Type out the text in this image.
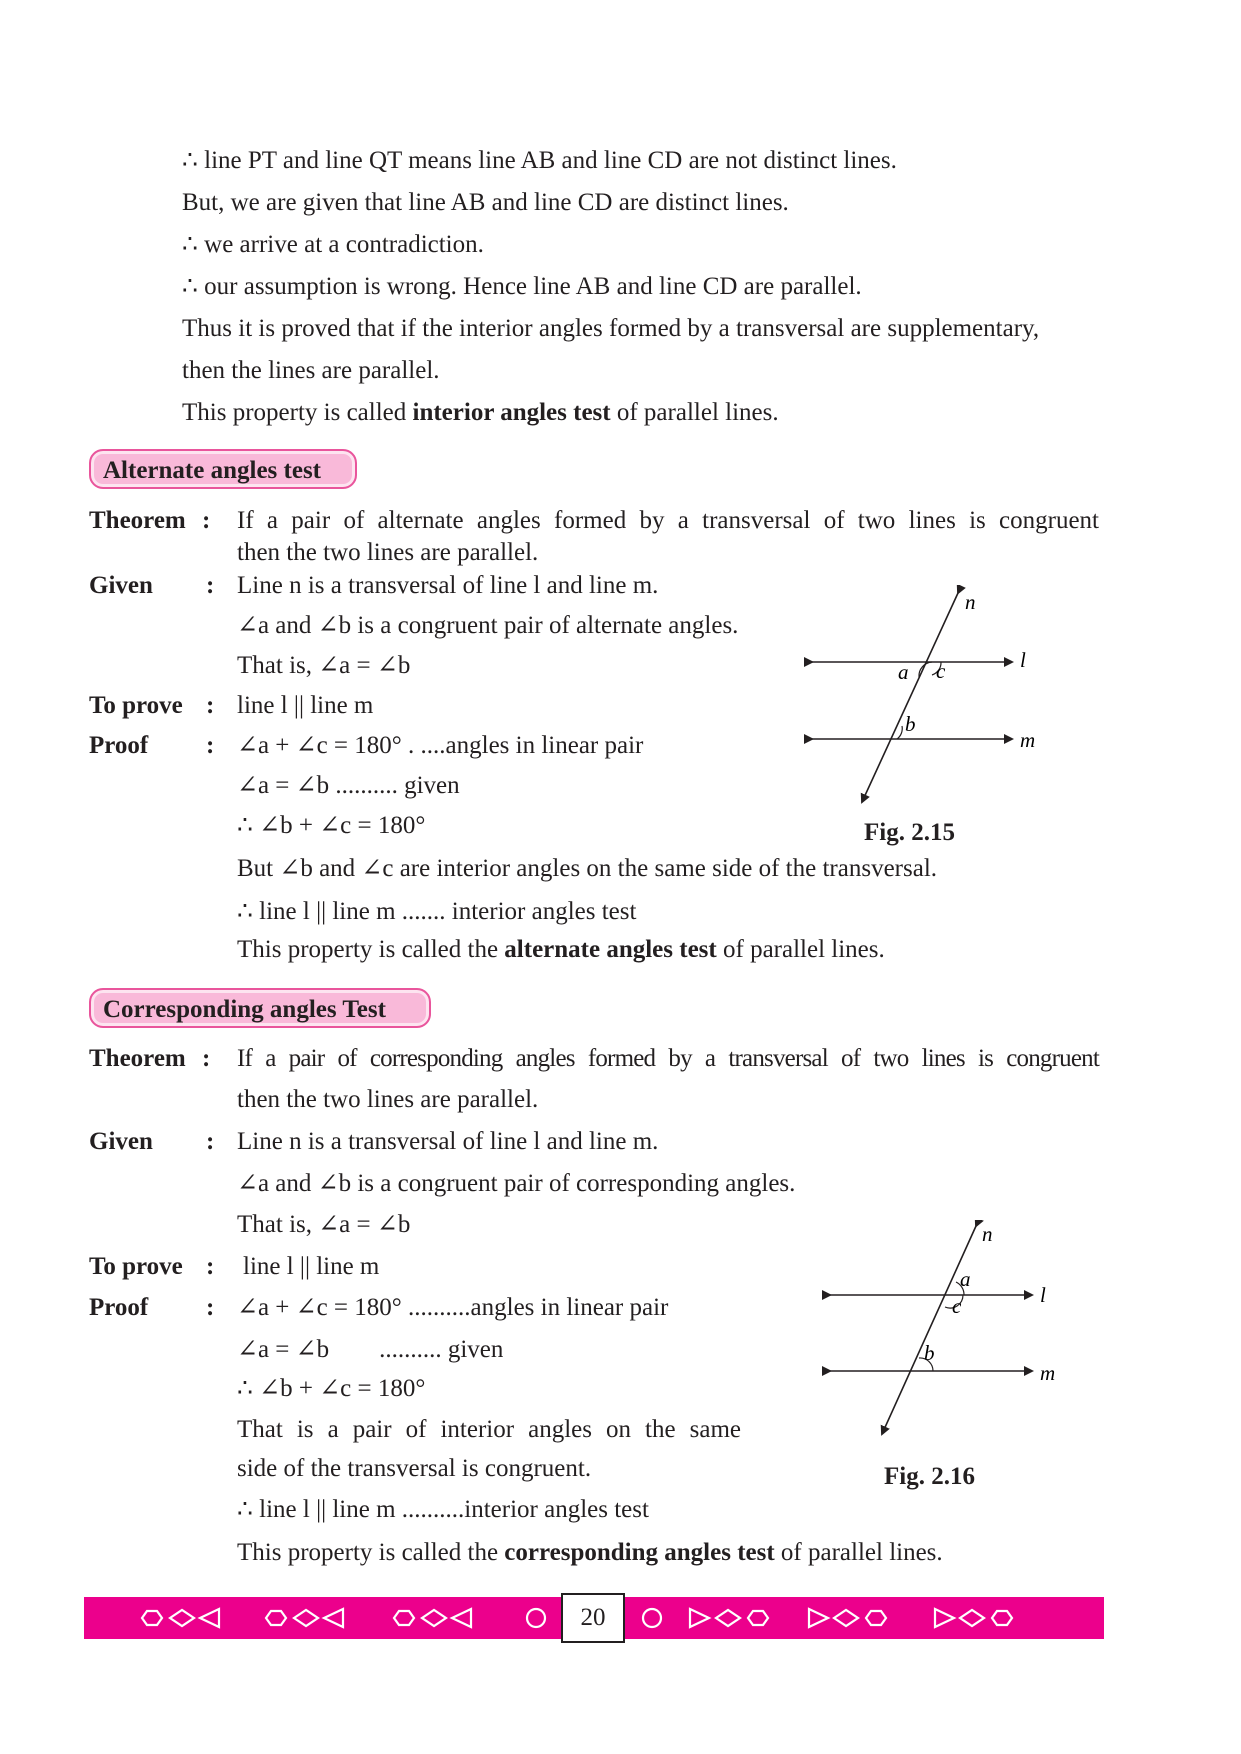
∴ line PT and line QT means line AB and line CD are not distinct lines.
But, we are given that line AB and line CD are distinct lines.
∴ we arrive at a contradiction.
∴ our assumption is wrong. Hence line AB and line CD are parallel.
Thus it is proved that if the interior angles formed by a transversal are supplementary,
then the lines are parallel.
This property is called interior angles test of parallel lines.
Alternate angles test
Theorem : If a pair of alternate angles formed by a transversal of two lines is congruent
then the two lines are parallel.
Given : Line n is a transversal of line l and line m.
∠a and ∠b is a congruent pair of alternate angles.
That is, ∠a = ∠b
To prove : line l || line m
Proof : ∠a + ∠c = 180° . ....angles in linear pair
∠a = ∠b .......... given
∴ ∠b + ∠c = 180°
But ∠b and ∠c are interior angles on the same side of the transversal.
∴ line l || line m ....... interior angles test
This property is called the alternate angles test of parallel lines.
n
l
m
a c
b
Fig. 2.15
Corresponding angles Test
Theorem : If a pair of corresponding angles formed by a transversal of two lines is congruent
then the two lines are parallel.
Given : Line n is a transversal of line l and line m.
∠a and ∠b is a congruent pair of corresponding angles.
That is, ∠a = ∠b
To prove : line l || line m
Proof : ∠a + ∠c = 180° ..........angles in linear pair
∠a = ∠b        .......... given
∴ ∠b + ∠c = 180°
That is a pair of interior angles on the same
side of the transversal is congruent.
∴ line l || line m ..........interior angles test
This property is called the corresponding angles test of parallel lines.
n
l
m
a
c
b
Fig. 2.16
20
